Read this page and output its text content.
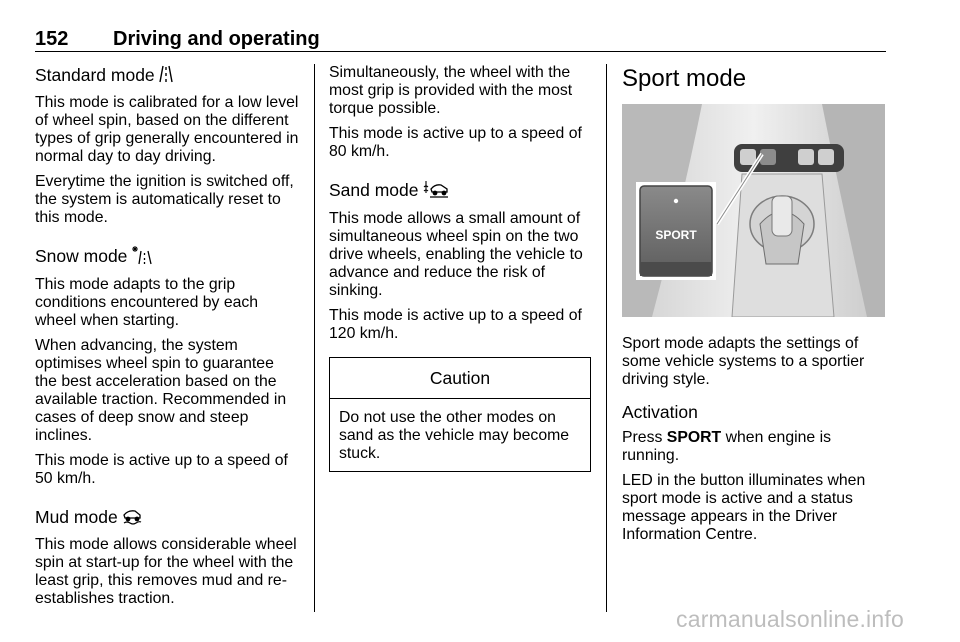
152 Driving and operating
Standard mode

This mode is calibrated for a low level of wheel spin, based on the different types of grip generally encountered in normal day to day driving.

Everytime the ignition is switched off, the system is automatically reset to this mode.

Snow mode

This mode adapts to the grip conditions encountered by each wheel when starting.

When advancing, the system optimises wheel spin to guarantee the best acceleration based on the available traction. Recommended in cases of deep snow and steep inclines.

This mode is active up to a speed of 50 km/h.

Mud mode

This mode allows considerable wheel spin at start-up for the wheel with the least grip, this removes mud and re-establishes traction.

Simultaneously, the wheel with the most grip is provided with the most torque possible.

This mode is active up to a speed of 80 km/h.

Sand mode

This mode allows a small amount of simultaneous wheel spin on the two drive wheels, enabling the vehicle to advance and reduce the risk of sinking.

This mode is active up to a speed of 120 km/h.

Caution
Do not use the other modes on sand as the vehicle may become stuck.
Sport mode
SPORT

Sport mode adapts the settings of some vehicle systems to a sportier driving style.

Activation

Press SPORT when engine is running.

LED in the button illuminates when sport mode is active and a status message appears in the Driver Information Centre.

carmanualsonline.info
